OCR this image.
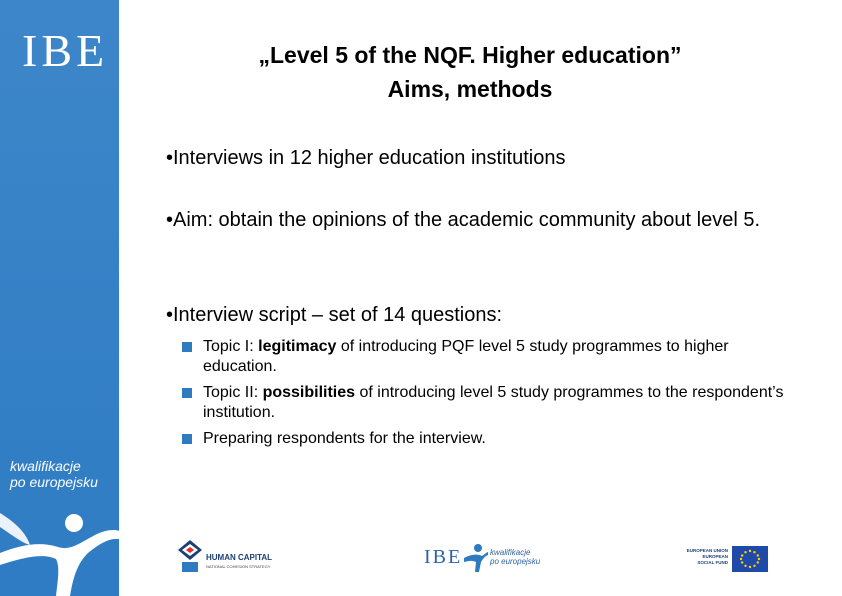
IBE
kwalifikacje
po europejsku
„Level 5 of the NQF. Higher education”
Aims, methods
•Interviews in 12 higher education institutions
•Aim: obtain the opinions of the academic community about level 5.
•Interview script – set of 14 questions:
Topic I: legitimacy of introducing PQF level 5 study programmes to higher education.
Topic II: possibilities of introducing level 5 study programmes to the respondent’s institution.
Preparing respondents for the interview.
HUMAN CAPITAL
NATIONAL COHESION STRATEGY	IBE	kwalifikacje
po europejsku
EUROPEAN UNION
EUROPEAN
SOCIAL FUND
